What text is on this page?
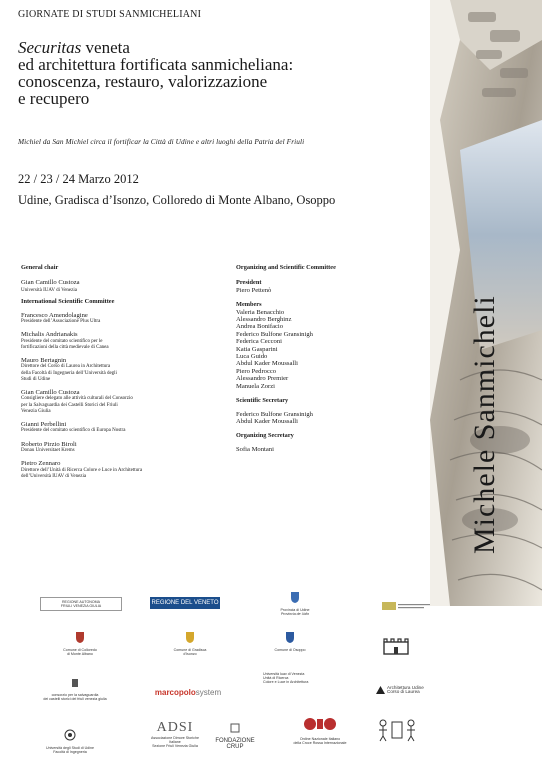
GIORNATE DI STUDI SANMICHELIANI
Securitas veneta
ed architettura fortificata sanmicheliana:
conoscenza, restauro, valorizzazione
e recupero
Michiel da San Michiel circa il fortificar la Città di Udine e altri luoghi della Patria del Friuli
22 / 23 / 24 Marzo 2012
Udine, Gradisca d’Isonzo, Colloredo di Monte Albano, Osoppo
Michele Sanmicheli
General chair
Gian Camillo Custoza
Università IUAV di Venezia
International Scientific Committee
Francesco Amendolagine
Presidente dell’Associazione Plus Ultra
Michalis Andrianakis
Presidente del comitato scientifico per le
fortificazioni della città medievale di Canea
Mauro Bertagnin
Direttore del Corso di Laurea in Architettura
della Facoltà di Ingegneria dell’Università degli
Studi di Udine
Gian Camillo Custoza
Consigliere delegato alle attività culturali del Consorzio
per la Salvaguardia dei Castelli Storici del Friuli
Venezia Giulia
Gianni Perbellini
Presidente del comitato scientifico di Europa Nostra
Roberto Pirzio Biroli
Donau Universitaet Krems
Pietro Zennaro
Direttore dell’Unità di Ricerca Colore e Luce in Architettura
dell’Università IUAV di Venezia
Organizing and Scientific Committee
President
Piero Pettenò
Members
Valeria Benacchio
Alessandro Berghinz
Andrea Bonifacio
Federico Bulfone Gransinigh
Federica Cecconi
Katia Gasparini
Luca Guido
Abdul Kader Moussalli
Piero Pedrocco
Alessandro Premier
Manuela Zorzi
Scientific Secretary
Federico Bulfone Gransinigh
Abdul Kader Moussalli
Organizing Secretary
Sofia Montani
REGIONE AUTONOMA
FRIULI VENEZIA GIULIA
REGIONE DEL VENETO
Provincia di Udine
Provincia de Udin
Comune di Colloredo
di Monte Albano
Comune di Gradisca
d'Isonzo
Comune di Osoppo
consorzio per la salvaguardia
dei castelli storici del friuli venezia giulia
marcopolosystem
Università Iuav di Venezia
Unità di Ricerca
Colore e Luce in Architettura
Architettura Udine
Corso di Laurea
Università degli Studi di Udine
Facoltà di Ingegneria
ADSI
Associazione Dimore Storiche Italiane
Sezione Friuli Venezia Giulia
FONDAZIONE
CRUP
Ordine Nazionale Italiano
della Croce Rossa Internazionale
